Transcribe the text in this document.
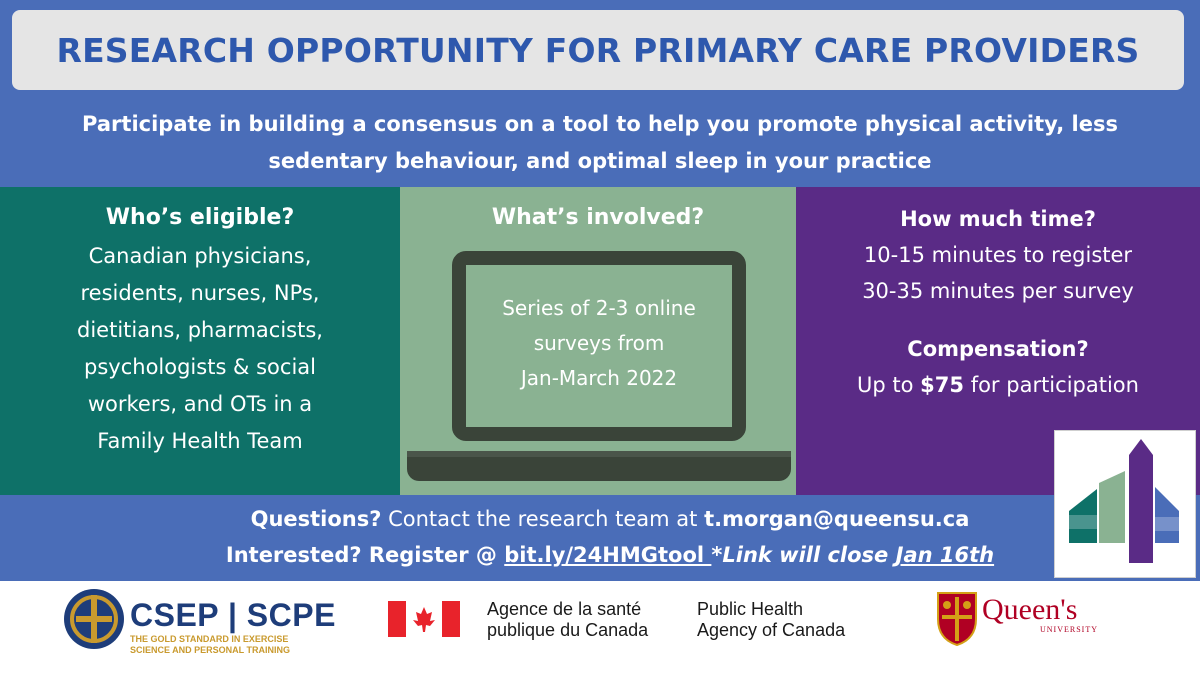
RESEARCH OPPORTUNITY FOR PRIMARY CARE PROVIDERS
Participate in building a consensus on a tool to help you promote physical activity, less
sedentary behaviour, and optimal sleep in your practice
Who’s eligible?
Canadian physicians,
residents, nurses, NPs,
dietitians, pharmacists,
psychologists & social
workers, and OTs in a
Family Health Team
What’s involved?
Series of 2-3 online
surveys from
Jan-March 2022
How much time?
10-15 minutes to register
30-35 minutes per survey
Compensation?
Up to $75 for participation
Questions? Contact the research team at t.morgan@queensu.ca
Interested? Register @ bit.ly/24HMGtool *Link will close Jan 16th
CSEP | SCPE
THE GOLD STANDARD IN EXERCISE
SCIENCE AND PERSONAL TRAINING
Agence de la santé
publique du Canada
Public Health
Agency of Canada
Queen's
UNIVERSITY
